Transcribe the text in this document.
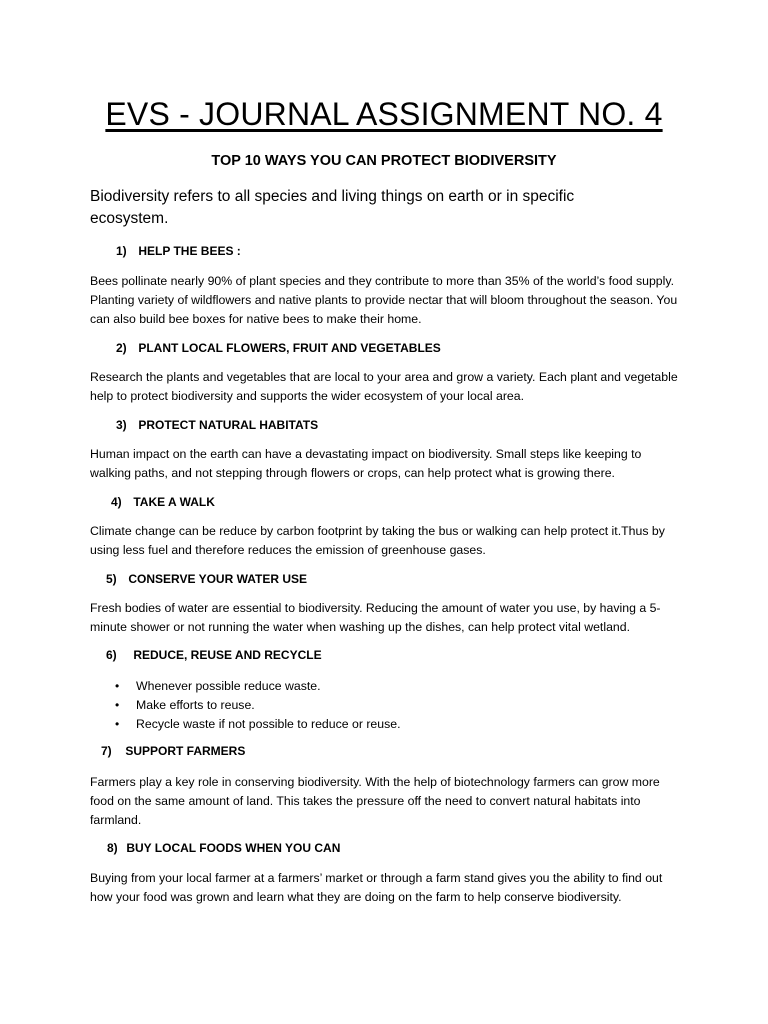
EVS - JOURNAL ASSIGNMENT NO. 4
TOP 10 WAYS YOU CAN PROTECT BIODIVERSITY
Biodiversity refers to all species and living things on earth or in specific ecosystem.
1) HELP THE BEES :
Bees pollinate nearly 90% of plant species and they contribute to more than 35% of the world’s food supply. Planting variety of wildflowers and native plants to provide nectar that will bloom throughout the season. You can also build bee boxes for native bees to make their home.
2) PLANT LOCAL FLOWERS, FRUIT AND VEGETABLES
Research the plants and vegetables that are local to your area and grow a variety. Each plant and vegetable help to protect biodiversity and supports the wider ecosystem of your local area.
3) PROTECT NATURAL HABITATS
Human impact on the earth can have a devastating impact on biodiversity. Small steps like keeping to walking paths, and not stepping through flowers or crops, can help protect what is growing there.
4) TAKE A WALK
Climate change can be reduce by carbon footprint by taking the bus or walking can help protect it.Thus by using less fuel and therefore reduces the emission of greenhouse gases.
5) CONSERVE YOUR WATER USE
Fresh bodies of water are essential to biodiversity. Reducing the amount of water you use, by having a 5-minute shower or not running the water when washing up the dishes, can help protect vital wetland.
6) REDUCE, REUSE AND RECYCLE
• Whenever possible reduce waste.
• Make efforts to reuse.
• Recycle waste if not possible to reduce or reuse.
7) SUPPORT FARMERS
Farmers play a key role in conserving biodiversity. With the help of biotechnology farmers can grow more food on the same amount of land. This takes the pressure off the need to convert natural habitats into farmland.
8) BUY LOCAL FOODS WHEN YOU CAN
Buying from your local farmer at a farmers’ market or through a farm stand gives you the ability to find out how your food was grown and learn what they are doing on the farm to help conserve biodiversity.
